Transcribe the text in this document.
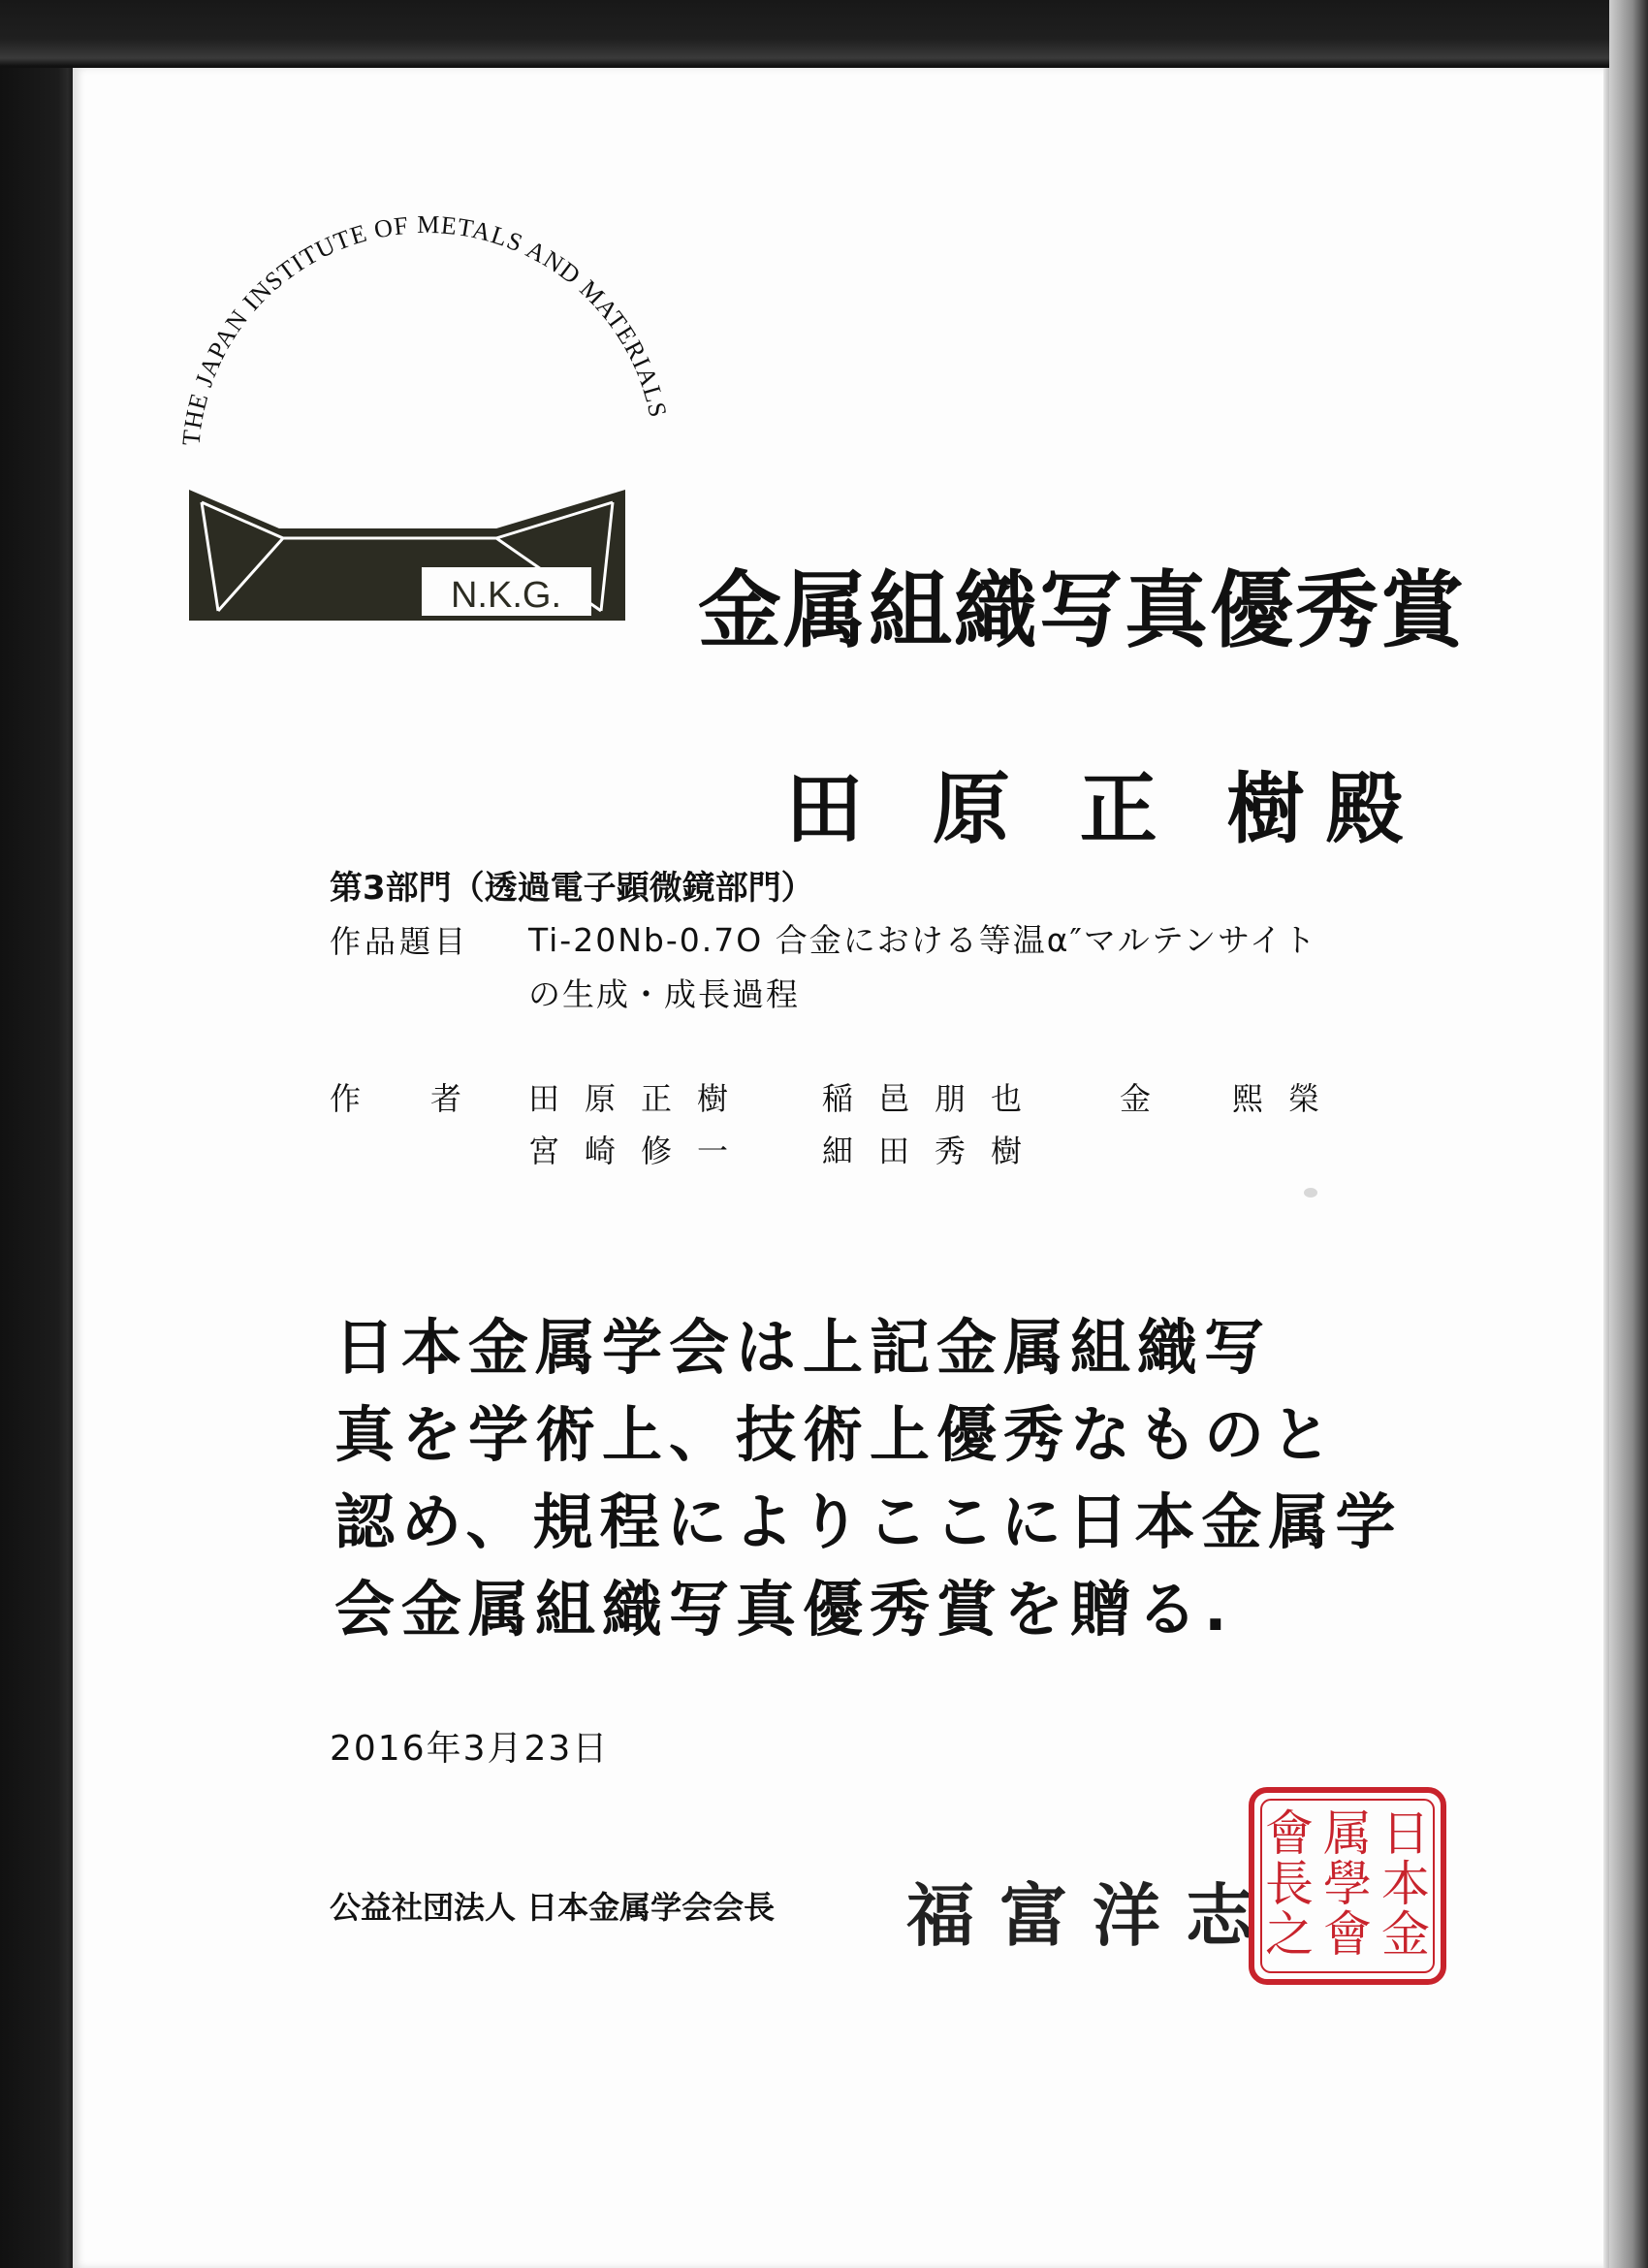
THE JAPAN INSTITUTE OF METALS AND MATERIALS
N.K.G. 金属組織写真優秀賞
田 原 正 樹殿
第3部門（透過電子顕微鏡部門）
作品題目 Ti-20Nb-0.7O 合金における等温α″マルテンサイト
の生成・成長過程
作者
田原正樹 稲邑朋也 金　熙榮
宮崎修一 細田秀樹
日本金属学会は上記金属組織写
真を学術上、技術上優秀なものと
認め、規程によりここに日本金属学
会金属組織写真優秀賞を贈る.
2016年3月23日
公益社団法人 日本金属学会会長 福富洋志
日
本
金
属
學
會
會
長
之
